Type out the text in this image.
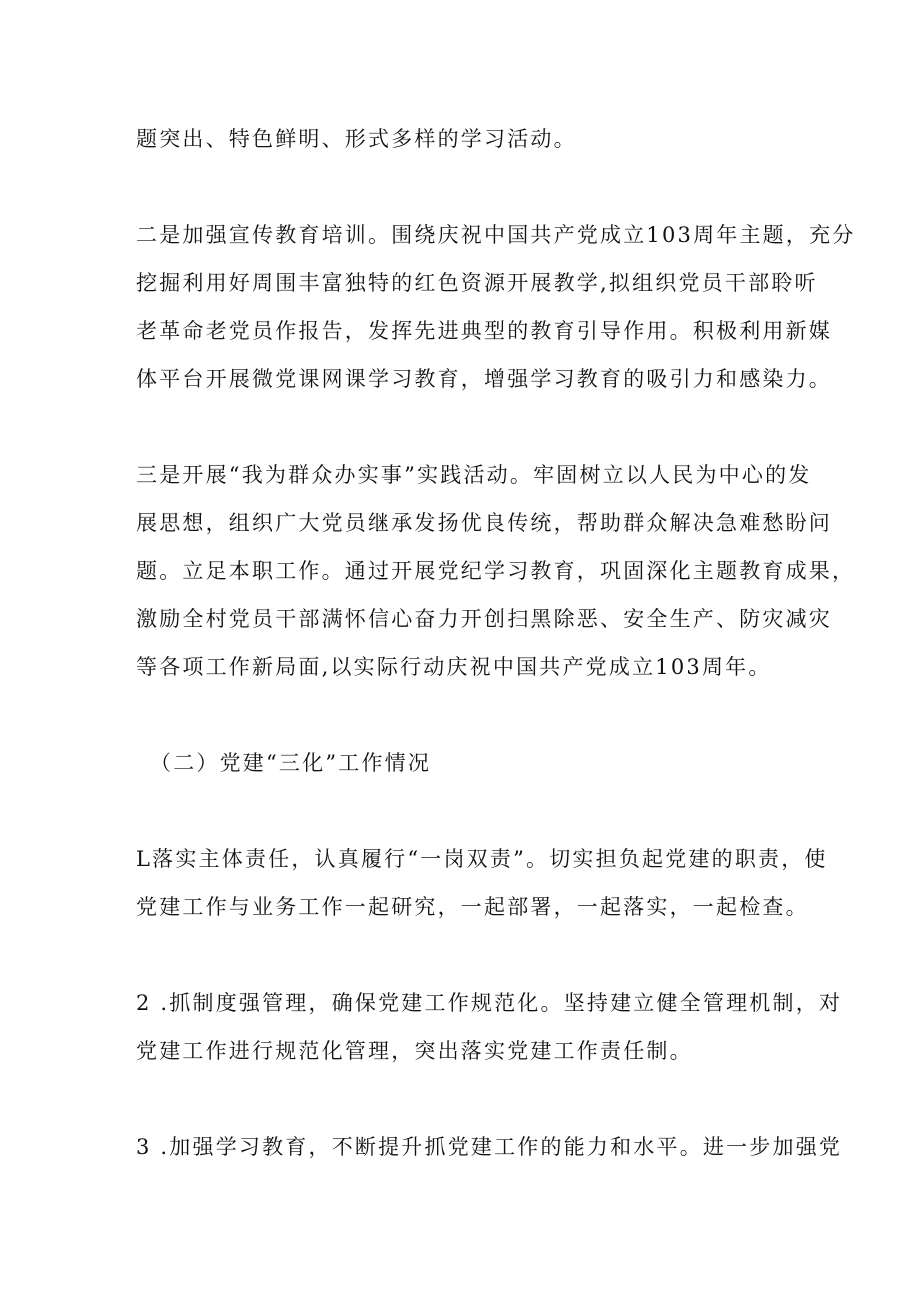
题突出、特色鲜明、形式多样的学习活动。

二是加强宣传教育培训。围绕庆祝中国共产党成立103周年主题，充分

挖掘利用好周围丰富独特的红色资源开展教学,拟组织党员干部聆听

老革命老党员作报告，发挥先进典型的教育引导作用。积极利用新媒

体平台开展微党课网课学习教育，增强学习教育的吸引力和感染力。

三是开展“我为群众办实事”实践活动。牢固树立以人民为中心的发

展思想，组织广大党员继承发扬优良传统，帮助群众解决急难愁盼问

题。立足本职工作。通过开展党纪学习教育，巩固深化主题教育成果，

激励全村党员干部满怀信心奋力开创扫黑除恶、安全生产、防灾减灾

等各项工作新局面,以实际行动庆祝中国共产党成立103周年。

（二）党建“三化”工作情况

L落实主体责任，认真履行“一岗双责”。切实担负起党建的职责，使

党建工作与业务工作一起研究，一起部署，一起落实，一起检查。

2 .抓制度强管理，确保党建工作规范化。坚持建立健全管理机制，对

党建工作进行规范化管理，突出落实党建工作责任制。

3 .加强学习教育，不断提升抓党建工作的能力和水平。进一步加强党
